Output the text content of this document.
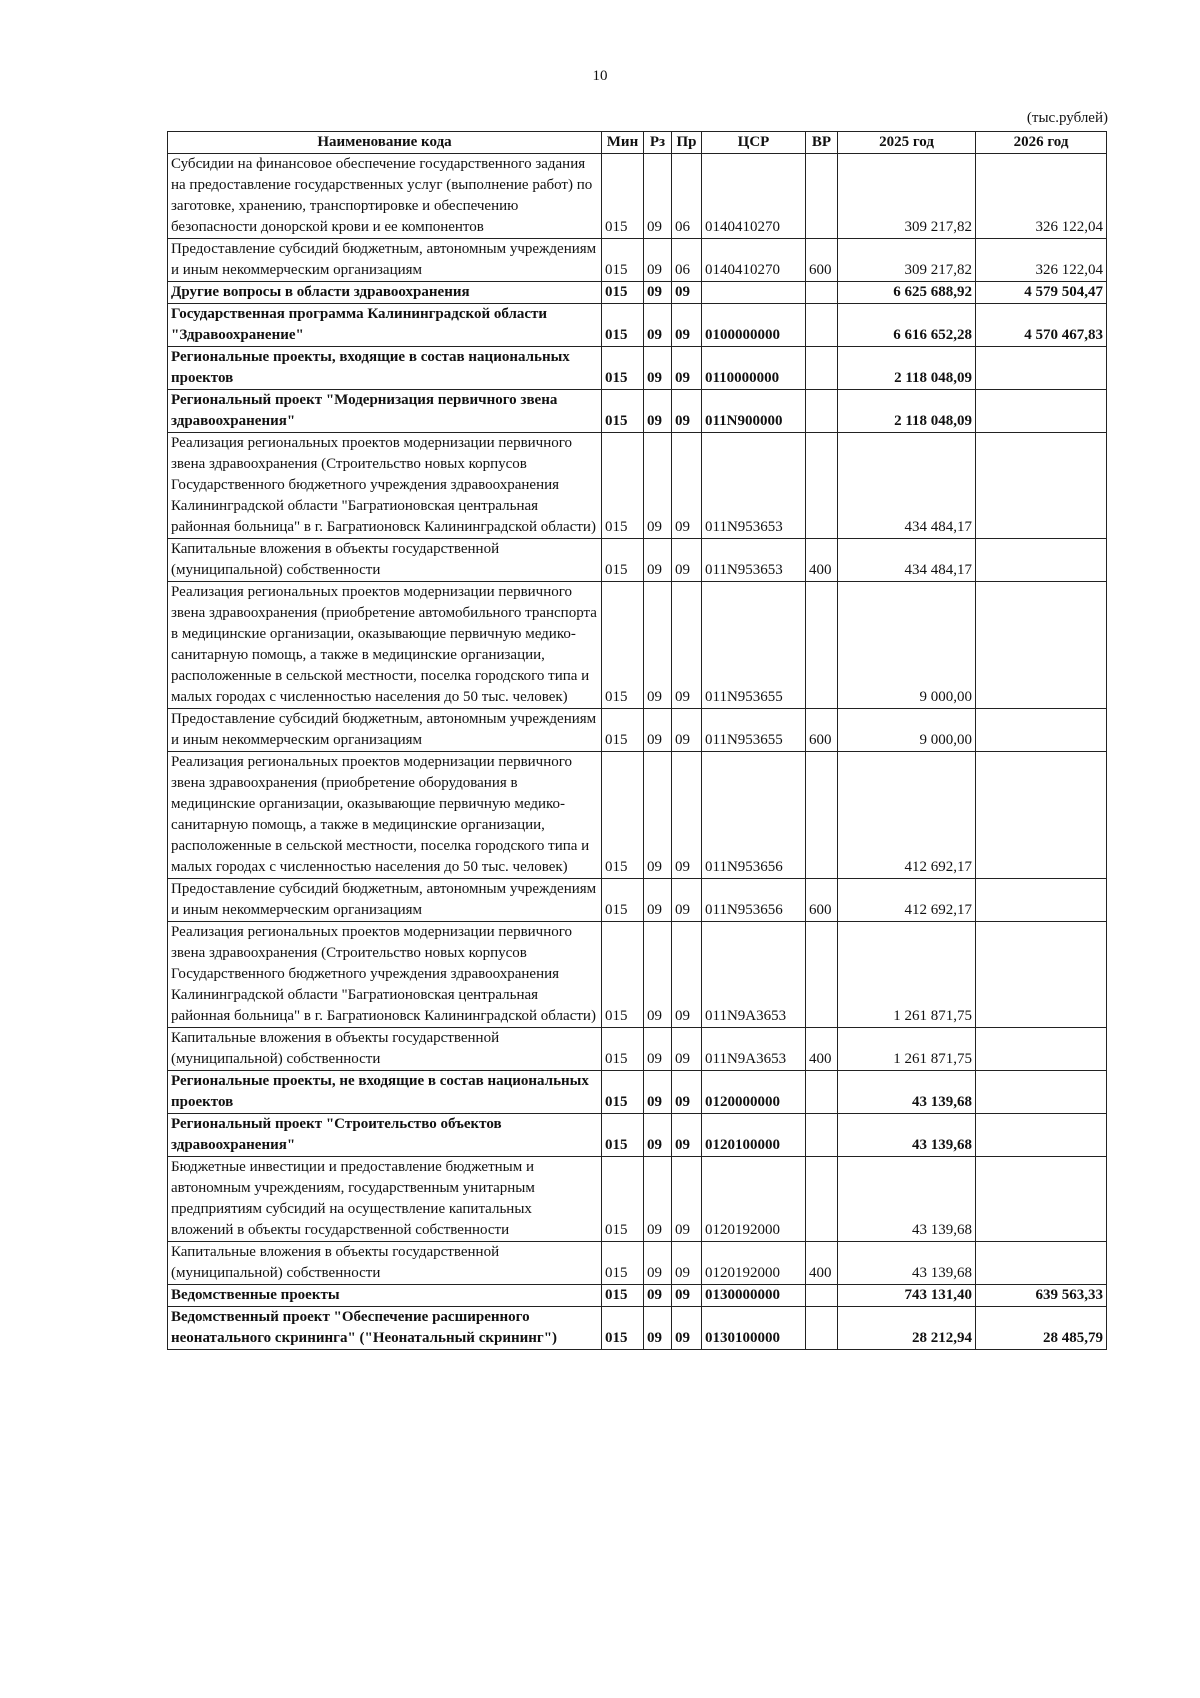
10
(тыс.рублей)
Наименование кода	Мин	Рз	Пр	ЦСР	ВР	2025 год	2026 год
Субсидии на финансовое обеспечение государственного задания на предоставление государственных услуг (выполнение работ) по заготовке, хранению, транспортировке и обеспечению безопасности донорской крови и ее компонентов	015	09	06	0140410270		309 217,82	326 122,04
Предоставление субсидий бюджетным, автономным учреждениям и иным некоммерческим организациям	015	09	06	0140410270	600	309 217,82	326 122,04
Другие вопросы в области здравоохранения	015	09	09			6 625 688,92	4 579 504,47
Государственная программа Калининградской области "Здравоохранение"	015	09	09	0100000000		6 616 652,28	4 570 467,83
Региональные проекты, входящие в состав национальных проектов	015	09	09	0110000000		2 118 048,09	
Региональный проект "Модернизация первичного звена здравоохранения"	015	09	09	011N900000		2 118 048,09	
Реализация региональных проектов модернизации первичного звена здравоохранения (Строительство новых корпусов Государственного бюджетного учреждения здравоохранения Калининградской области "Багратионовская центральная районная больница" в г. Багратионовск Калининградской области)	015	09	09	011N953653		434 484,17	
Капитальные вложения в объекты государственной (муниципальной) собственности	015	09	09	011N953653	400	434 484,17	
Реализация региональных проектов модернизации первичного звена здравоохранения (приобретение автомобильного транспорта в медицинские организации, оказывающие первичную медико-санитарную помощь, а также в медицинские организации, расположенные в сельской местности, поселка городского типа и малых городах с численностью населения до 50 тыс. человек)	015	09	09	011N953655		9 000,00	
Предоставление субсидий бюджетным, автономным учреждениям и иным некоммерческим организациям	015	09	09	011N953655	600	9 000,00	
Реализация региональных проектов модернизации первичного звена здравоохранения (приобретение оборудования в медицинские организации, оказывающие первичную медико-санитарную помощь, а также в медицинские организации, расположенные в сельской местности, поселка городского типа и малых городах с численностью населения до 50 тыс. человек)	015	09	09	011N953656		412 692,17	
Предоставление субсидий бюджетным, автономным учреждениям и иным некоммерческим организациям	015	09	09	011N953656	600	412 692,17	
Реализация региональных проектов модернизации первичного звена здравоохранения (Строительство новых корпусов Государственного бюджетного учреждения здравоохранения Калининградской области "Багратионовская центральная районная больница" в г. Багратионовск Калининградской области)	015	09	09	011N9A3653		1 261 871,75	
Капитальные вложения в объекты государственной (муниципальной) собственности	015	09	09	011N9A3653	400	1 261 871,75	
Региональные проекты, не входящие в состав национальных проектов	015	09	09	0120000000		43 139,68	
Региональный проект "Строительство объектов здравоохранения"	015	09	09	0120100000		43 139,68	
Бюджетные инвестиции и предоставление бюджетным и автономным учреждениям, государственным унитарным предприятиям субсидий на осуществление капитальных вложений в объекты государственной собственности	015	09	09	0120192000		43 139,68	
Капитальные вложения в объекты государственной (муниципальной) собственности	015	09	09	0120192000	400	43 139,68	
Ведомственные проекты	015	09	09	0130000000		743 131,40	639 563,33
Ведомственный проект "Обеспечение расширенного неонатального скрининга" ("Неонатальный скрининг")	015	09	09	0130100000		28 212,94	28 485,79
